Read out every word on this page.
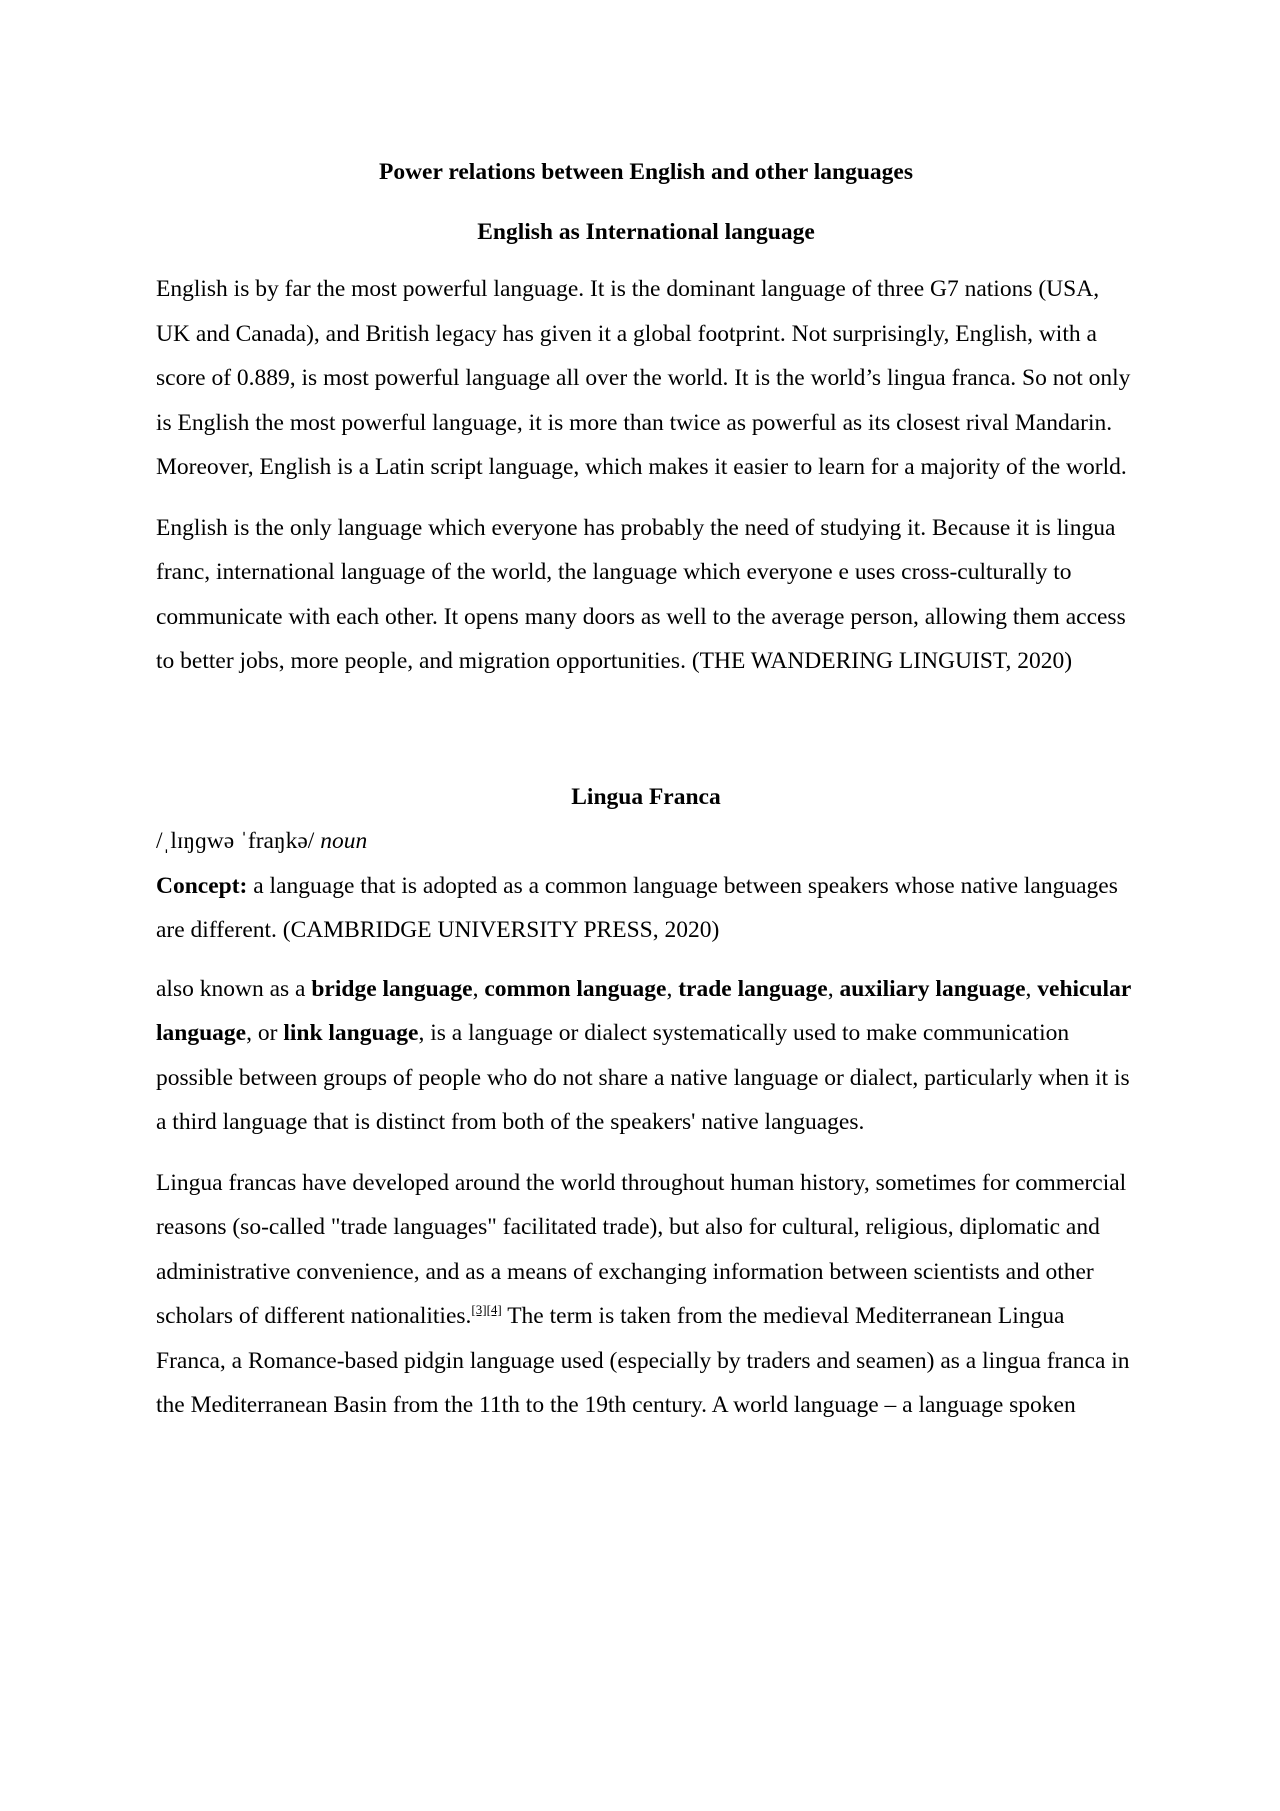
Power relations between English and other languages

English as International language

English is by far the most powerful language. It is the dominant language of three G7 nations (USA, UK and Canada), and British legacy has given it a global footprint. Not surprisingly, English, with a score of 0.889, is most powerful language all over the world. It is the world’s lingua franca. So not only is English the most powerful language, it is more than twice as powerful as its closest rival Mandarin. Moreover, English is a Latin script language, which makes it easier to learn for a majority of the world.

English is the only language which everyone has probably the need of studying it. Because it is lingua franc, international language of the world, the language which everyone e uses cross-culturally to communicate with each other. It opens many doors as well to the average person, allowing them access to better jobs, more people, and migration opportunities. (THE WANDERING LINGUIST, 2020)

Lingua Franca

/ˌlɪŋɡwə ˈfraŋkə/ noun

Concept: a language that is adopted as a common language between speakers whose native languages are different. (CAMBRIDGE UNIVERSITY PRESS, 2020)

also known as a bridge language, common language, trade language, auxiliary language, vehicular language, or link language, is a language or dialect systematically used to make communication possible between groups of people who do not share a native language or dialect, particularly when it is a third language that is distinct from both of the speakers' native languages.

Lingua francas have developed around the world throughout human history, sometimes for commercial reasons (so-called "trade languages" facilitated trade), but also for cultural, religious, diplomatic and administrative convenience, and as a means of exchanging information between scientists and other scholars of different nationalities.[3][4] The term is taken from the medieval Mediterranean Lingua Franca, a Romance-based pidgin language used (especially by traders and seamen) as a lingua franca in the Mediterranean Basin from the 11th to the 19th century. A world language – a language spoken
